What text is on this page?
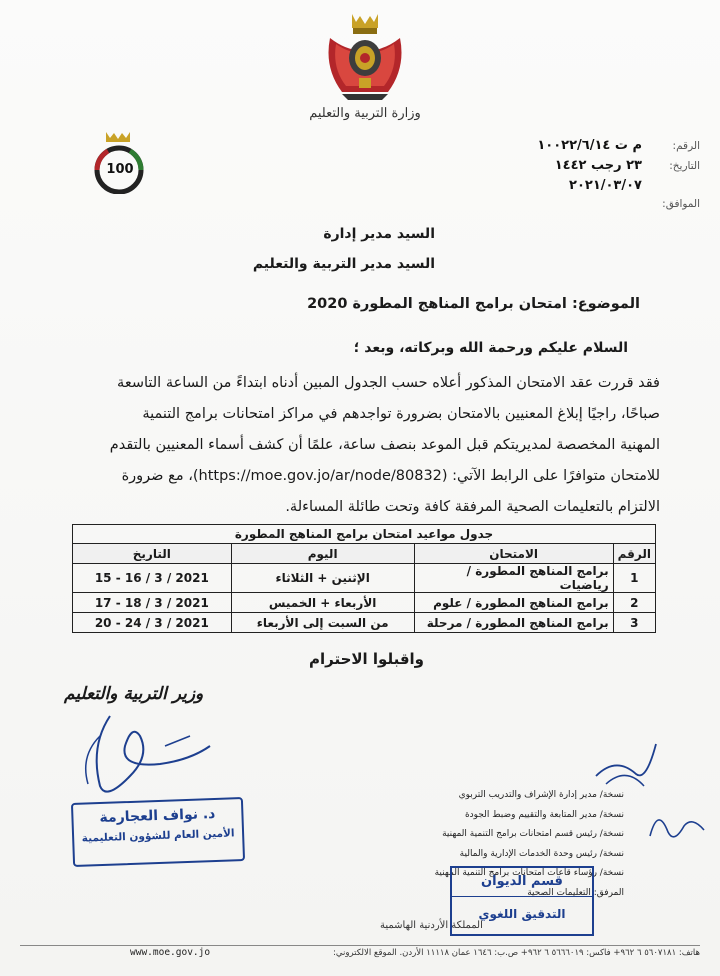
وزارة التربية والتعليم
100
الرقم:
م ت ١٠٠٢٢/٦/١٤
التاريخ:
٢٣ رجب ١٤٤٢
٢٠٢١/٠٣/٠٧
الموافق:
السيد مدير إدارة
السيد مدير التربية والتعليم
الموضوع: امتحان برامج المناهج المطورة 2020
السلام عليكم ورحمة الله وبركاته، وبعد ؛
فقد قررت عقد الامتحان المذكور أعلاه حسب الجدول المبين أدناه ابتداءً من الساعة التاسعة
صباحًا، راجيًا إبلاغ المعنيين بالامتحان بضرورة تواجدهم في مراكز امتحانات برامج التنمية
المهنية المخصصة لمديريتكم قبل الموعد بنصف ساعة، علمًا أن كشف أسماء المعنيين بالتقدم
للامتحان متوافرًا على الرابط الآتي: (https://moe.gov.jo/ar/node/80832)، مع ضرورة
الالتزام بالتعليمات الصحية المرفقة كافة وتحت طائلة المساءلة.
جدول مواعيد امتحان برامج المناهج المطورة
الرقم	الامتحان	اليوم	التاريخ
1	برامج المناهج المطورة / رياضيات	الإثنين + الثلاثاء	15 - 16 / 3 / 2021
2	برامج المناهج المطورة / علوم	الأربعاء + الخميس	17 - 18 / 3 / 2021
3	برامج المناهج المطورة / مرحلة	من السبت إلى الأربعاء	20 - 24 / 3 / 2021
واقبلوا الاحترام
وزير التربية والتعليم
د. نواف العجارمة
الأمين العام للشؤون التعليمية
نسخة/ مدير إدارة الإشراف والتدريب التربوي
نسخة/ مدير المتابعة والتقييم وضبط الجودة
نسخة/ رئيس قسم امتحانات برامج التنمية المهنية
نسخة/ رئيس وحدة الخدمات الإدارية والمالية
نسخة/ رؤساء قاعات امتحانات برامج التنمية المهنية
المرفق: التعليمات الصحية
قسم الديوان
التدقيق اللغوي
المملكة الأردنية الهاشمية
www.moe.gov.jo	هاتف: ٥٦٠٧١٨١ ٦ ٩٦٢+ فاكس: ٥٦٦٦٠١٩ ٦ ٩٦٢+ ص.ب: ١٦٤٦ عمان ١١١١٨ الأردن. الموقع الالكتروني:
